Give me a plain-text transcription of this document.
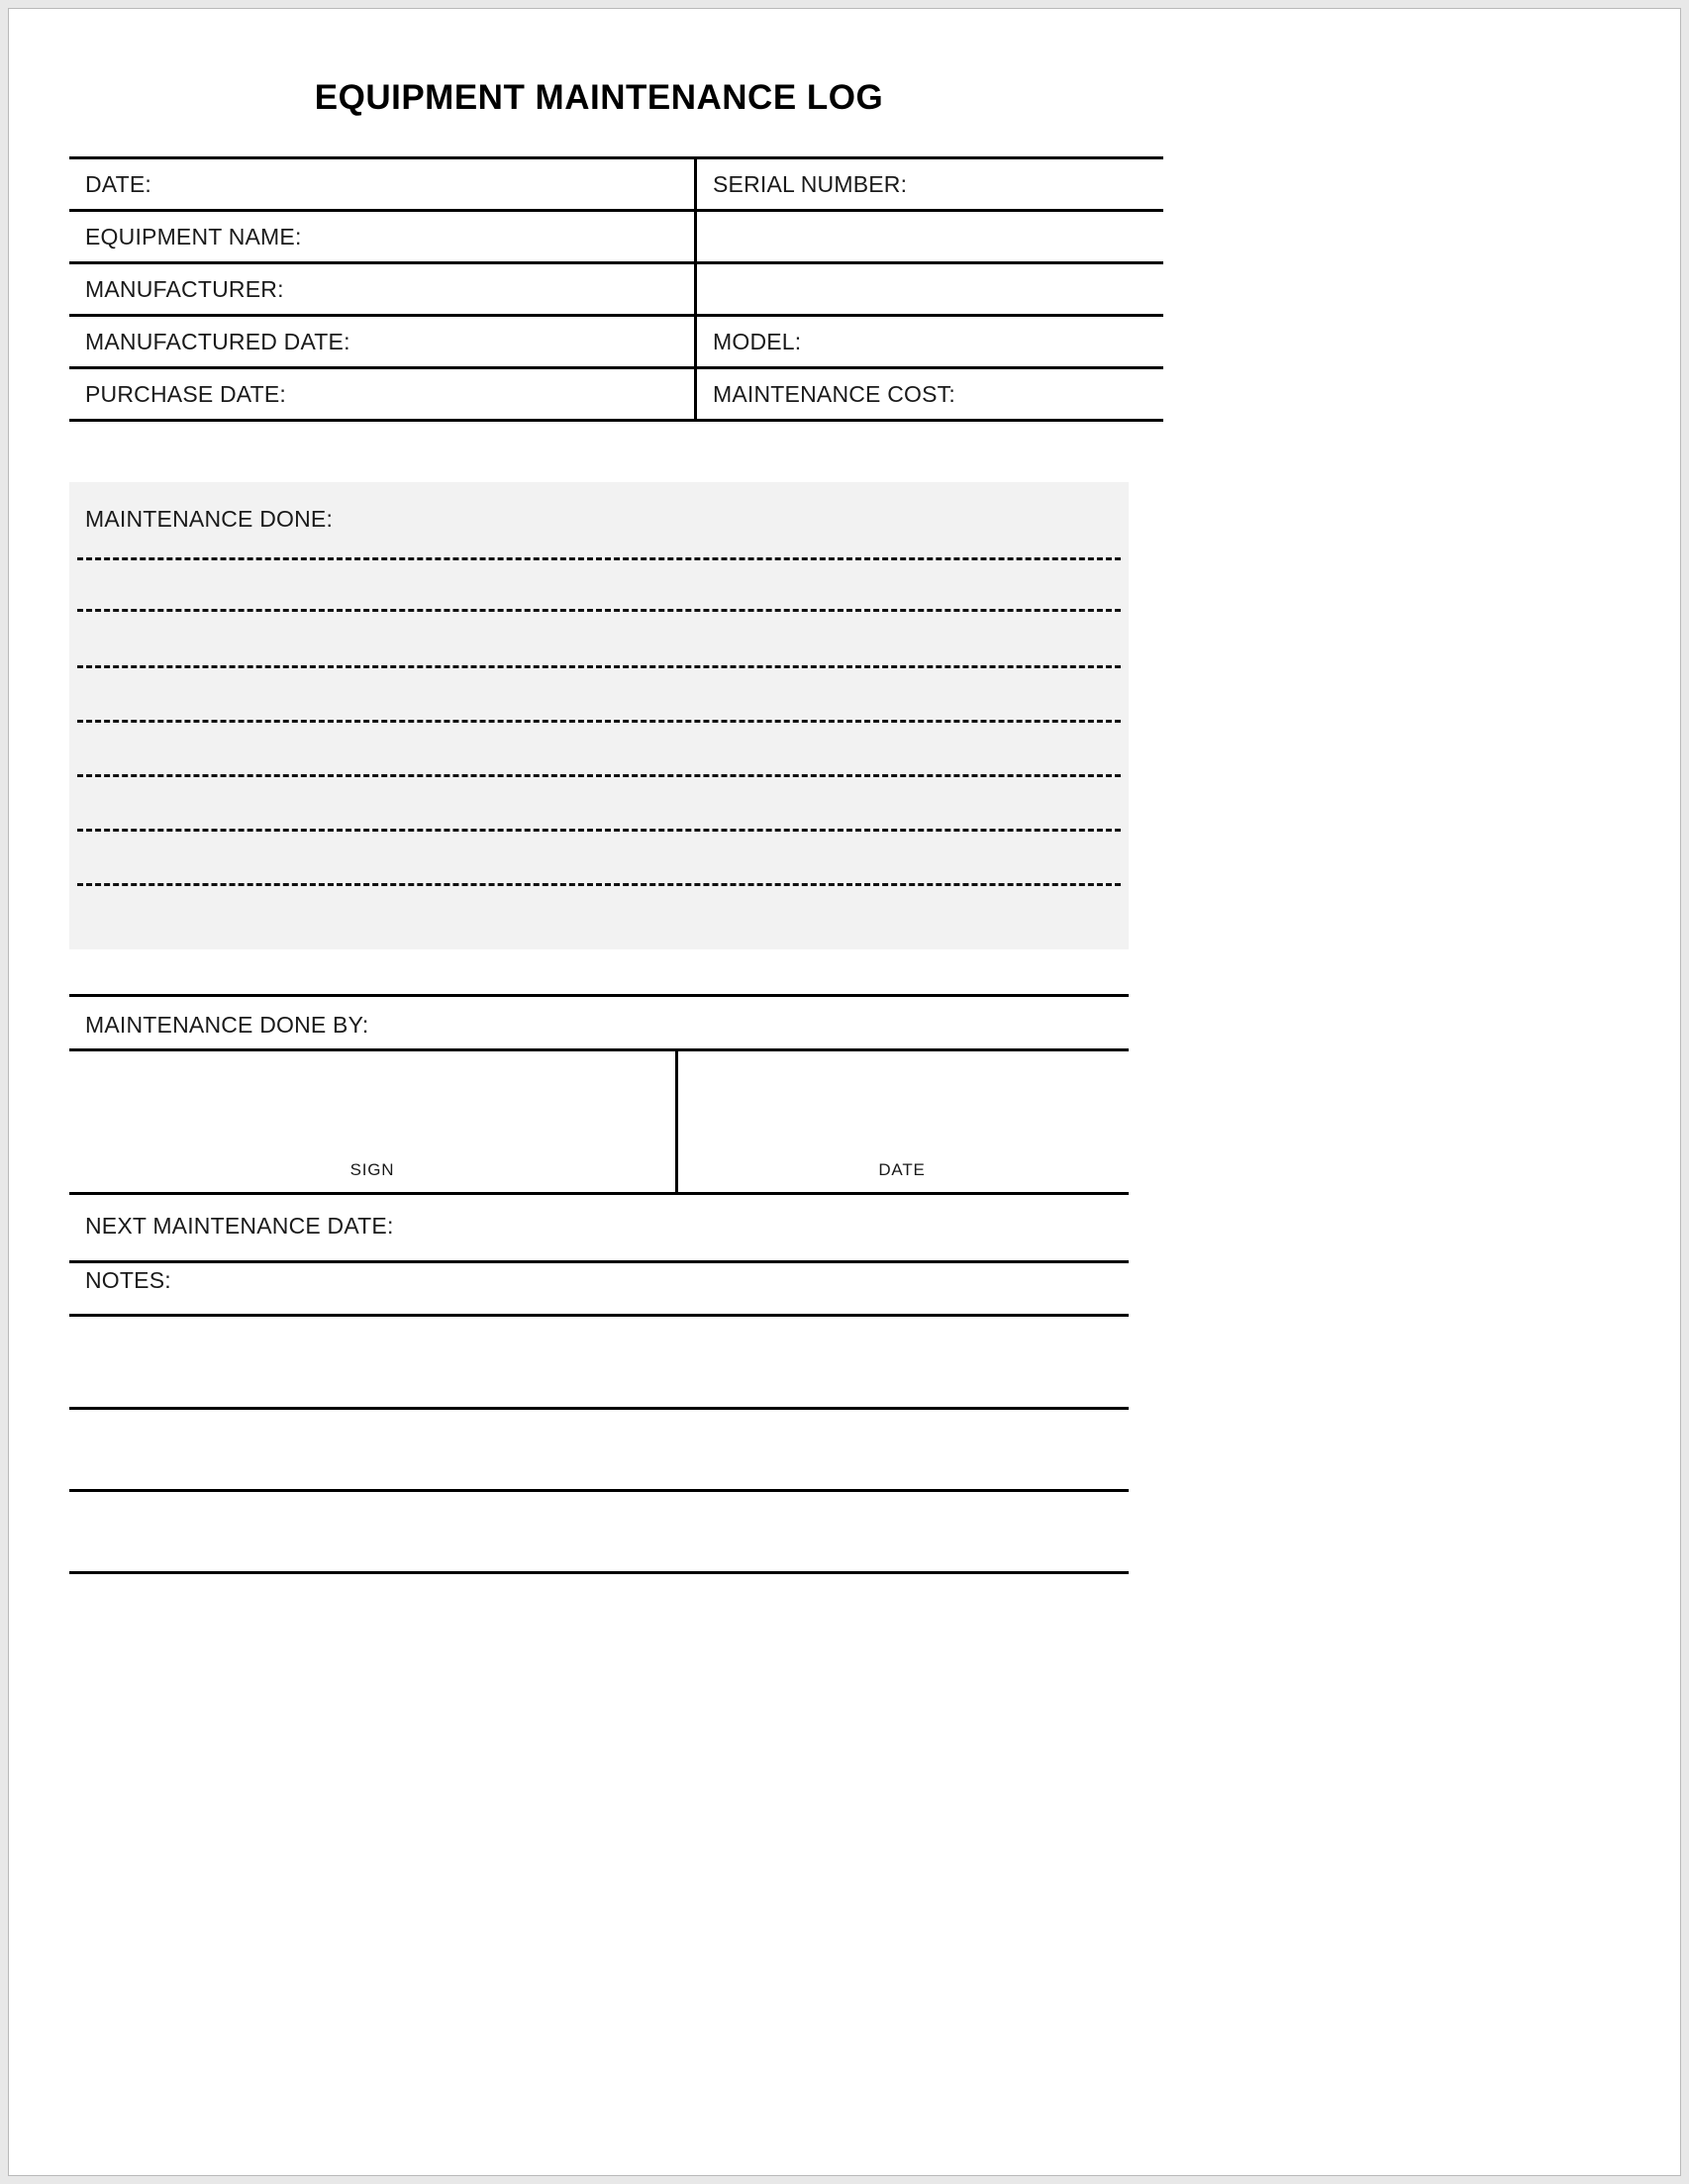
EQUIPMENT MAINTENANCE LOG
DATE:	SERIAL NUMBER:
EQUIPMENT NAME:	
MANUFACTURER:	
MANUFACTURED DATE:	MODEL:
PURCHASE DATE:	MAINTENANCE COST:
MAINTENANCE DONE:
MAINTENANCE DONE BY:
SIGN	DATE
NEXT MAINTENANCE DATE:
NOTES:
